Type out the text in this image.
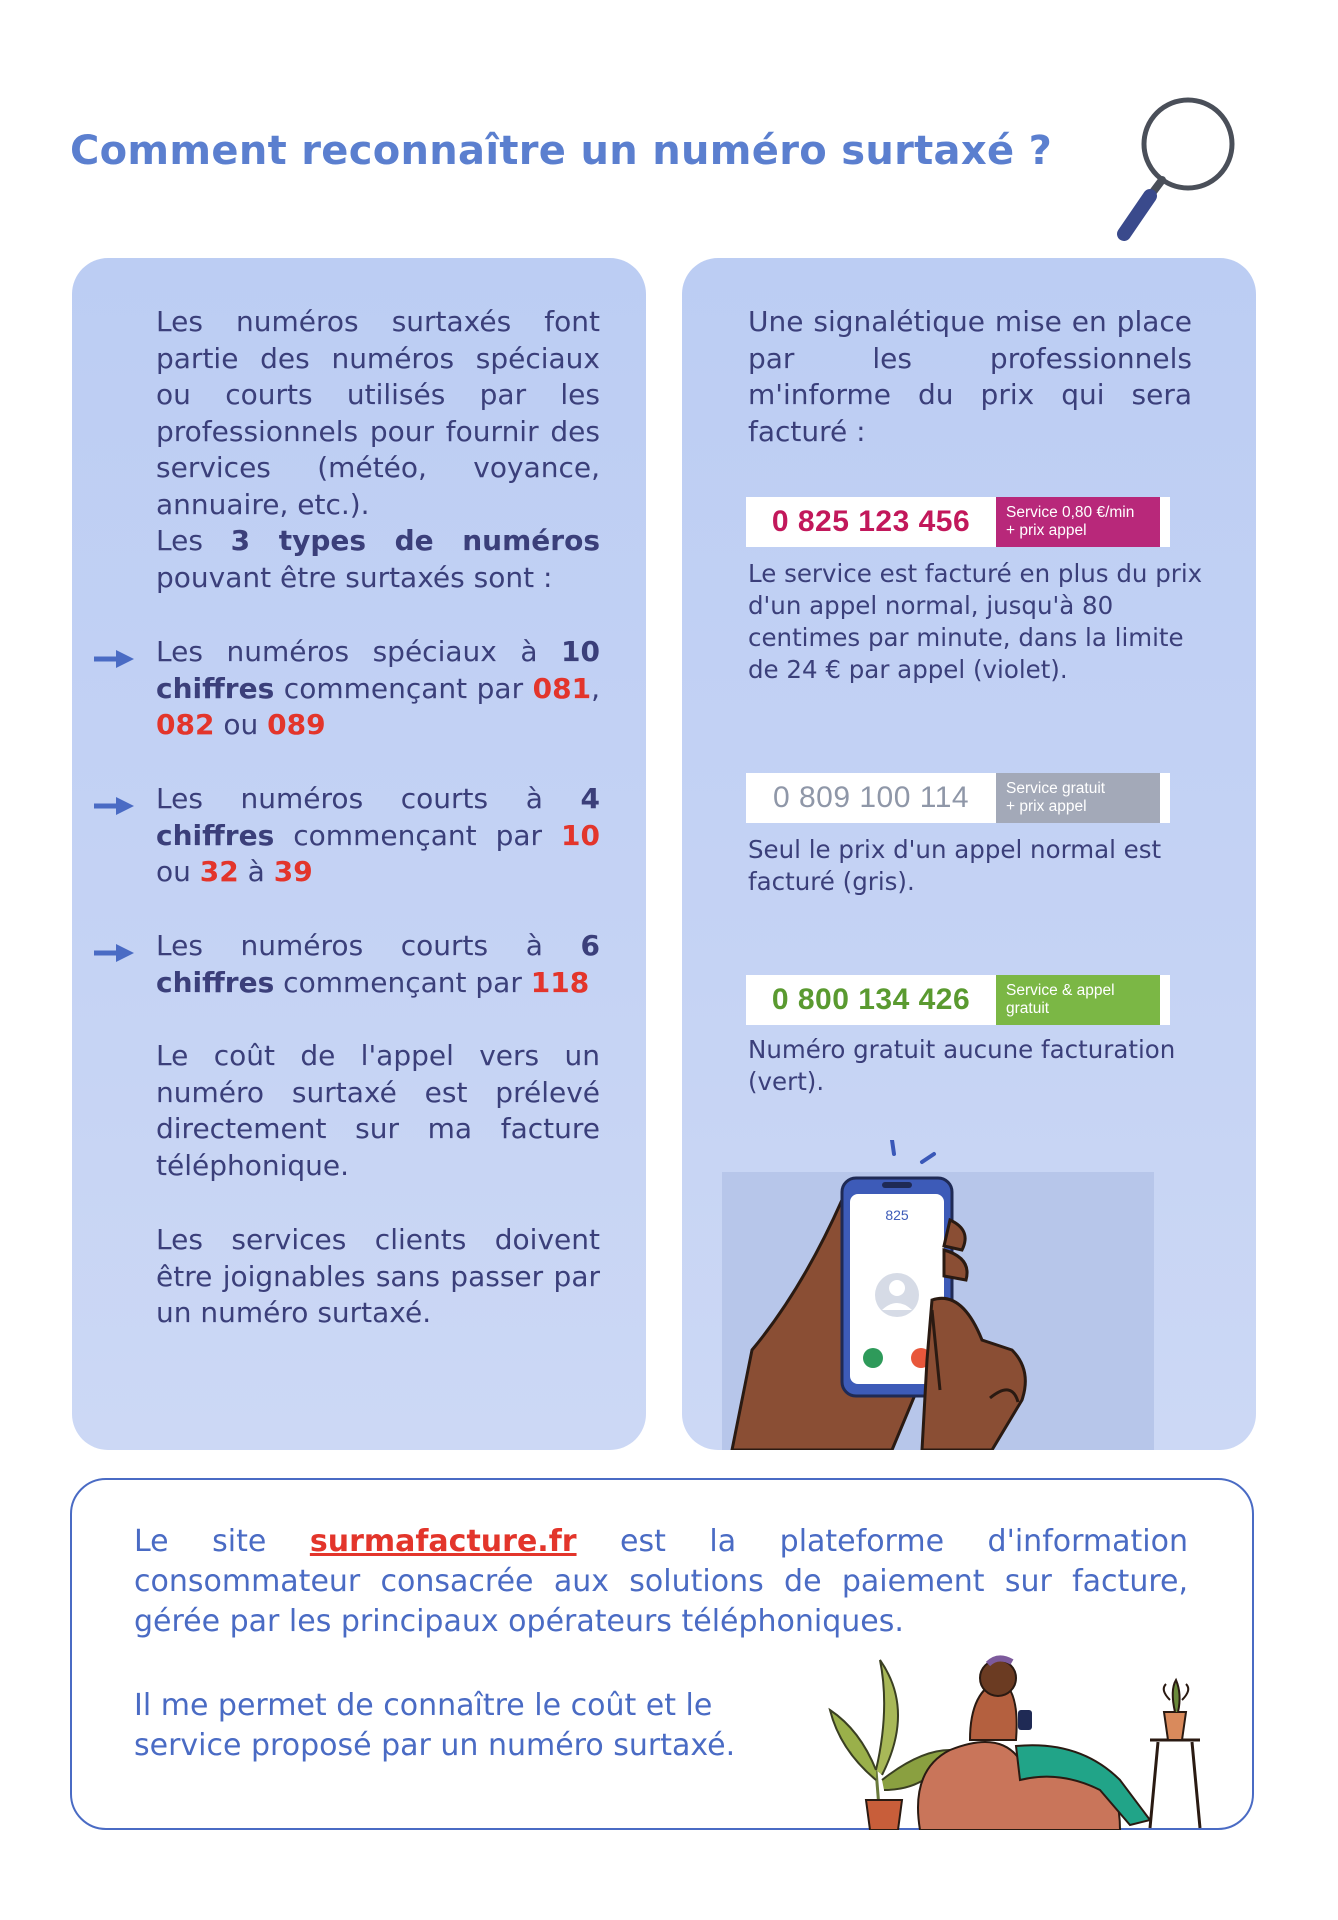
Comment reconnaître un numéro surtaxé ?
Les numéros surtaxés font partie des numéros spéciaux ou courts utilisés par les professionnels pour fournir des services (météo, voyance, annuaire, etc.).
Les 3 types de numéros pouvant être surtaxés sont :
Les numéros spéciaux à 10 chiffres commençant par 081, 082 ou 089
Les numéros courts à 4 chiffres commençant par 10 ou 32 à 39
Les numéros courts à 6 chiffres commençant par 118
Le coût de l'appel vers un numéro surtaxé est prélevé directement sur ma facture téléphonique.
Les services clients doivent être joignables sans passer par un numéro surtaxé.
Une signalétique mise en place par les professionnels m'informe du prix qui sera facturé :
0 825 123 456	Service 0,80 €/min
+ prix appel
Le service est facturé en plus du prix d'un appel normal, jusqu'à 80 centimes par minute, dans la limite de 24 € par appel (violet).
0 809 100 114	Service gratuit
+ prix appel
Seul le prix d'un appel normal est facturé (gris).
0 800 134 426	Service & appel
gratuit
Numéro gratuit aucune facturation (vert).
825
Le site surmafacture.fr est la plateforme d'information consommateur consacrée aux solutions de paiement sur facture, gérée par les principaux opérateurs téléphoniques.
Il me permet de connaître le coût et le service proposé par un numéro surtaxé.
